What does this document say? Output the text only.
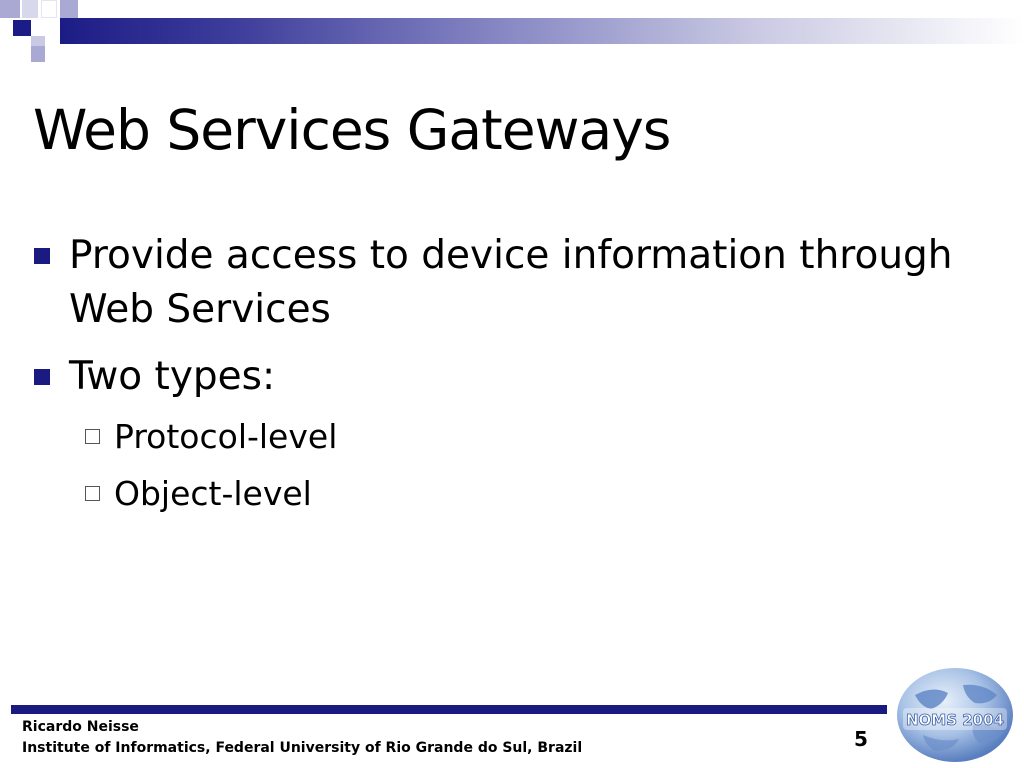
Web Services Gateways
Provide access to device information through
Web Services
Two types:
Protocol-level
Object-level
Ricardo Neisse
Institute of Informatics, Federal University of Rio Grande do Sul, Brazil	5
NOMS 2004
